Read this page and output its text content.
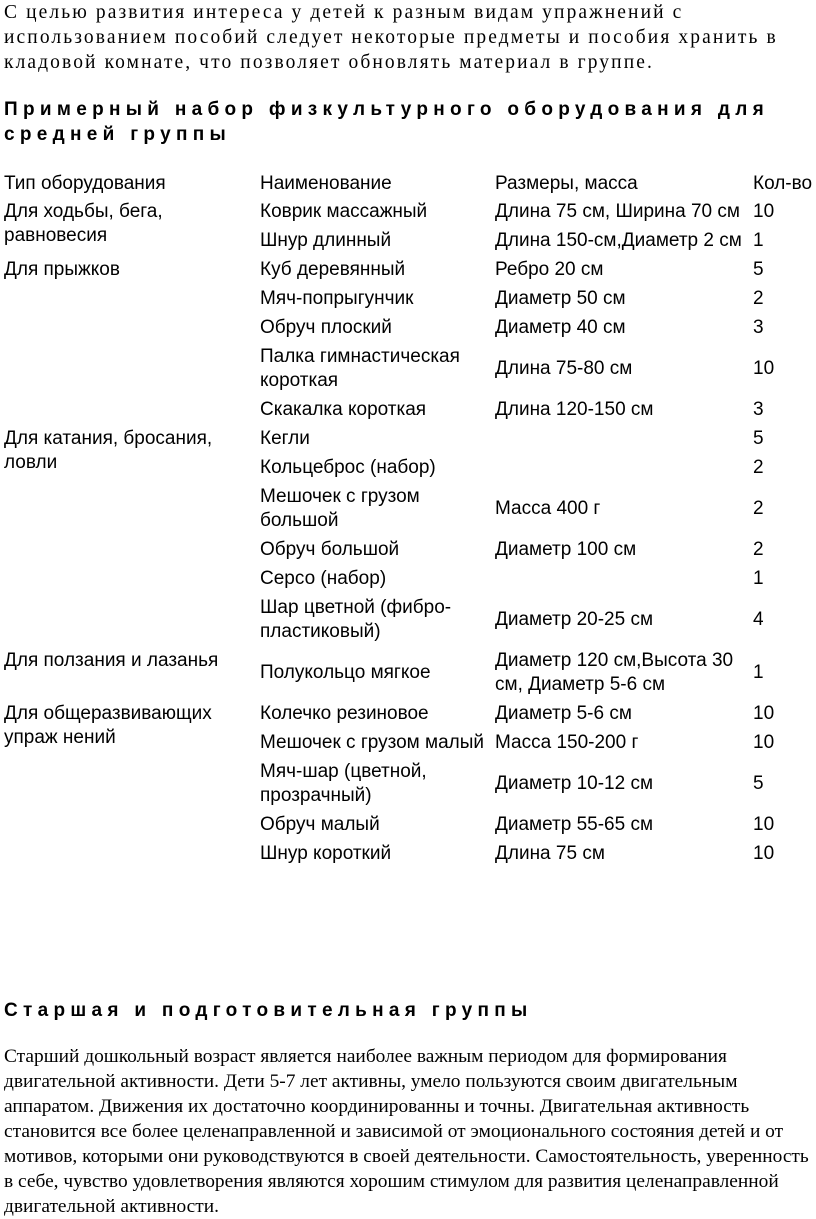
С целью развития интереса у детей к разным видам упражнений с использованием пособий следует некоторые предметы и пособия хранить в кладовой комнате, что позволяет обновлять материал в группе.

Примерный набор физкультурного оборудования для средней группы
Тип оборудования	Наименование	Размеры, масса	Кол-во
Для ходьбы, бега, равновесия	Коврик массажный	Длина 75 см, Ширина 70 см	10
	Шнур длинный	Длина 150-см,Диаметр 2 см	1
Для прыжков	Куб деревянный	Ребро 20 см	5
	Мяч-попрыгунчик	Диаметр 50 см	2
	Обруч плоский	Диаметр 40 см	3
	Палка гимнастическая короткая	Длина 75-80 см	10
	Скакалка короткая	Длина 120-150 см	3
Для катания, бросания, ловли	Кегли		5
	Кольцеброс (набор)		2
	Мешочек с грузом большой	Масса 400 г	2
	Обруч большой	Диаметр 100 см	2
	Серсо (набор)		1
	Шар цветной (фибро-пластиковый)	Диаметр 20-25 см	4
Для ползания и лазанья	Полукольцо мягкое	Диаметр 120 см,Высота 30 см, Диаметр 5-6 см	1
Для общеразвивающих упраж нений	Колечко резиновое	Диаметр 5-6 см	10
	Мешочек с грузом малый	Масса 150-200 г	10
	Мяч-шар (цветной, прозрачный)	Диаметр 10-12 см	5
	Обруч малый	Диаметр 55-65 см	10
	Шнур короткий	Длина 75 см	10
Старшая и подготовительная группы

Старший дошкольный возраст является наиболее важным периодом для формирования двигательной активности. Дети 5-7 лет активны, умело пользуются своим двигательным аппаратом. Движения их достаточно координированны и точны. Двигательная активность становится все более целенаправленной и зависимой от эмоционального состояния детей и от мотивов, которыми они руководствуются в своей деятельности. Самостоятельность, уверенность в себе, чувство удовлетворения являются хорошим стимулом для развития целенаправленной двигательной активности.
